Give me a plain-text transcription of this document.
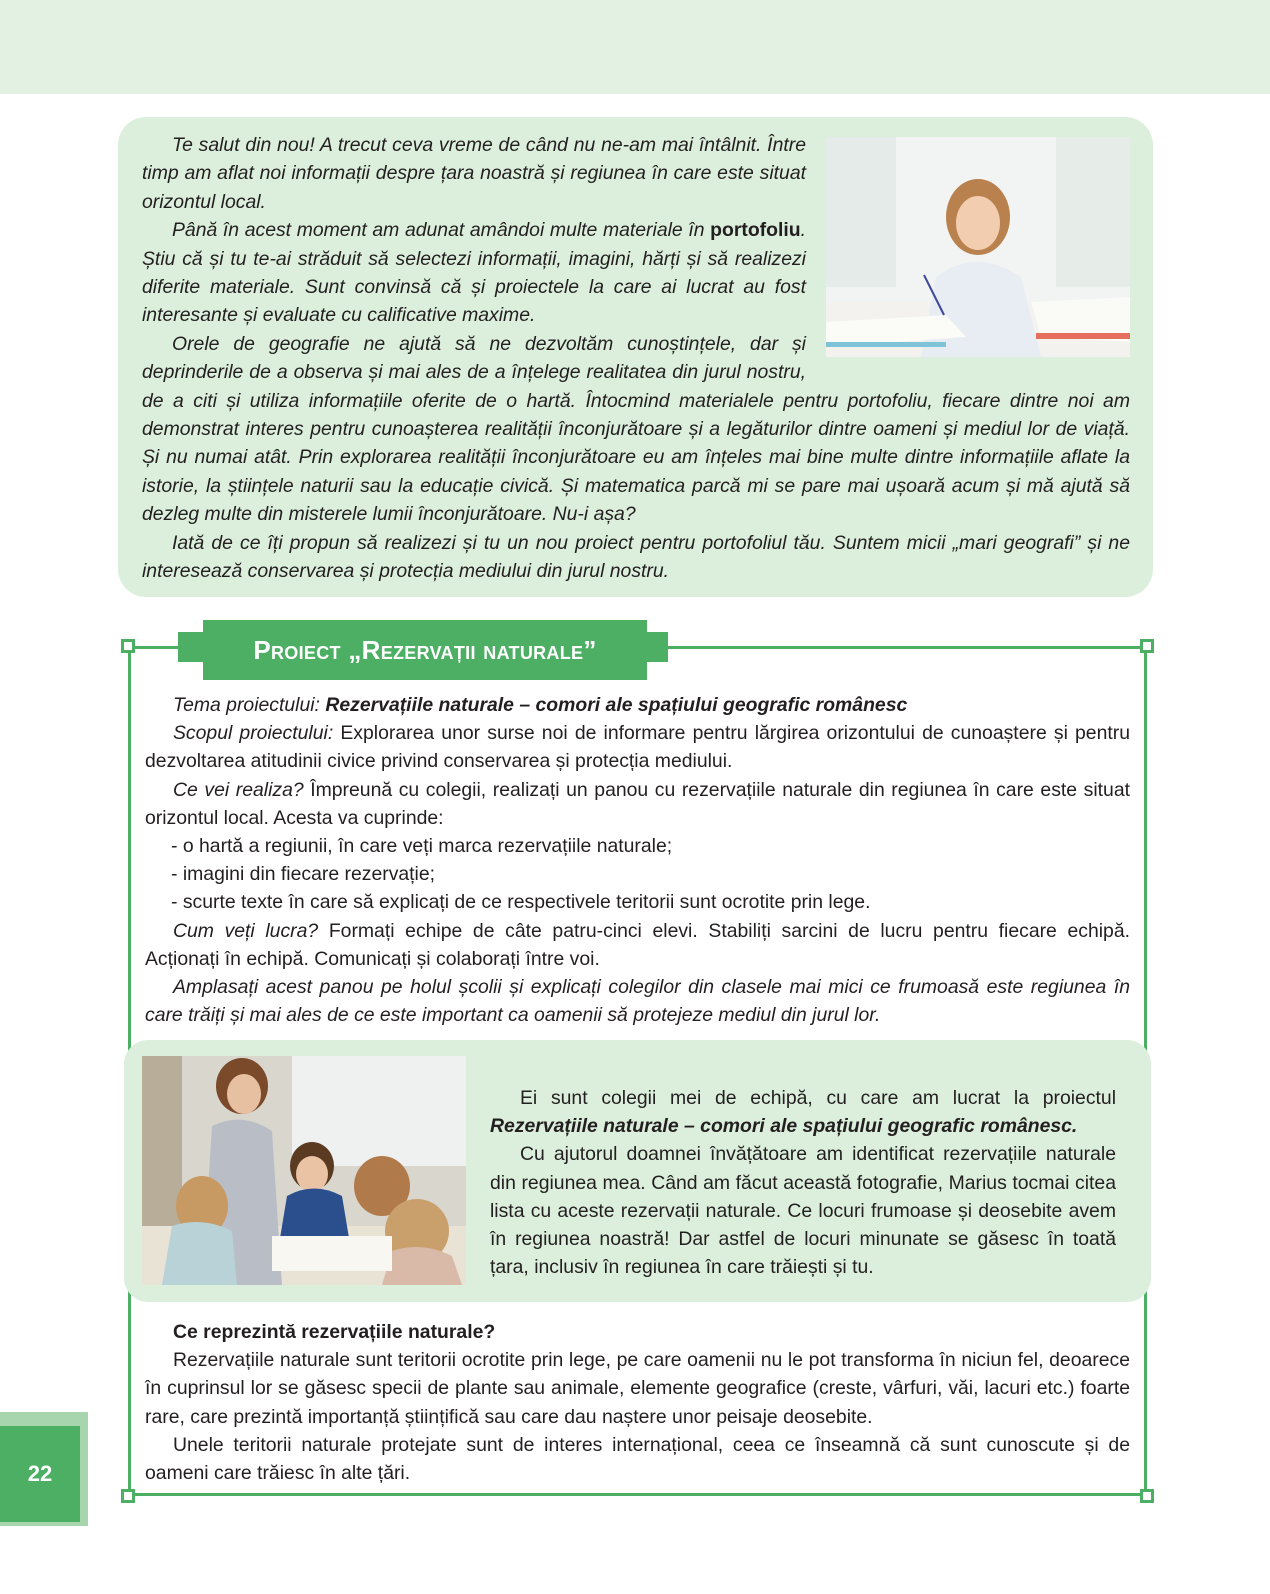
Te salut din nou! A trecut ceva vreme de când nu ne-am mai întâlnit. Între timp am aflat noi informații despre țara noastră și regiunea în care este situat orizontul local.

Până în acest moment am adunat amândoi multe materiale în portofoliu. Știu că și tu te-ai străduit să selectezi informații, imagini, hărți și să realizezi diferite materiale. Sunt convinsă că și proiectele la care ai lucrat au fost interesante și evaluate cu calificative maxime.

Orele de geografie ne ajută să ne dezvoltăm cunoștințele, dar și deprinderile de a observa și mai ales de a înțelege realitatea din jurul nostru, de a citi și utiliza informațiile oferite de o hartă. Întocmind materialele pentru portofoliu, fiecare dintre noi am demonstrat interes pentru cunoașterea realității înconjurătoare și a legăturilor dintre oameni și mediul lor de viață. Și nu numai atât. Prin explorarea realității înconjurătoare eu am înțeles mai bine multe dintre informațiile aflate la istorie, la științele naturii sau la educație civică. Și matematica parcă mi se pare mai ușoară acum și mă ajută să dezleg multe din misterele lumii înconjurătoare. Nu-i așa?

Iată de ce îți propun să realizezi și tu un nou proiect pentru portofoliul tău. Suntem micii „mari geografi” și ne interesează conservarea și protecția mediului din jurul nostru.

Proiect „Rezervații naturale”

Tema proiectului: Rezervațiile naturale – comori ale spațiului geografic românesc

Scopul proiectului: Explorarea unor surse noi de informare pentru lărgirea orizontului de cunoaștere și pentru dezvoltarea atitudinii civice privind conservarea și protecția mediului.

Ce vei realiza? Împreună cu colegii, realizați un panou cu rezervațiile naturale din regiunea în care este situat orizontul local. Acesta va cuprinde:

- o hartă a regiunii, în care veți marca rezervațiile naturale;

- imagini din fiecare rezervație;

- scurte texte în care să explicați de ce respectivele teritorii sunt ocrotite prin lege.

Cum veți lucra? Formați echipe de câte patru-cinci elevi. Stabiliți sarcini de lucru pentru fiecare echipă. Acționați în echipă. Comunicați și colaborați între voi.

Amplasați acest panou pe holul școlii și explicați colegilor din clasele mai mici ce frumoasă este regiunea în care trăiți și mai ales de ce este important ca oamenii să protejeze mediul din jurul lor.

Ei sunt colegii mei de echipă, cu care am lucrat la proiectul Rezervațiile naturale – comori ale spațiului geografic românesc.

Cu ajutorul doamnei învățătoare am identificat rezervațiile naturale din regiunea mea. Când am făcut această fotografie, Marius tocmai citea lista cu aceste rezervații naturale. Ce locuri frumoase și deosebite avem în regiunea noastră! Dar astfel de locuri minunate se găsesc în toată țara, inclusiv în regiunea în care trăiești și tu.

Ce reprezintă rezervațiile naturale?

Rezervațiile naturale sunt teritorii ocrotite prin lege, pe care oamenii nu le pot transforma în niciun fel, deoarece în cuprinsul lor se găsesc specii de plante sau animale, elemente geografice (creste, vârfuri, văi, lacuri etc.) foarte rare, care prezintă importanță științifică sau care dau naștere unor peisaje deosebite.

Unele teritorii naturale protejate sunt de interes internațional, ceea ce înseamnă că sunt cunoscute și de oameni care trăiesc în alte țări.

22
